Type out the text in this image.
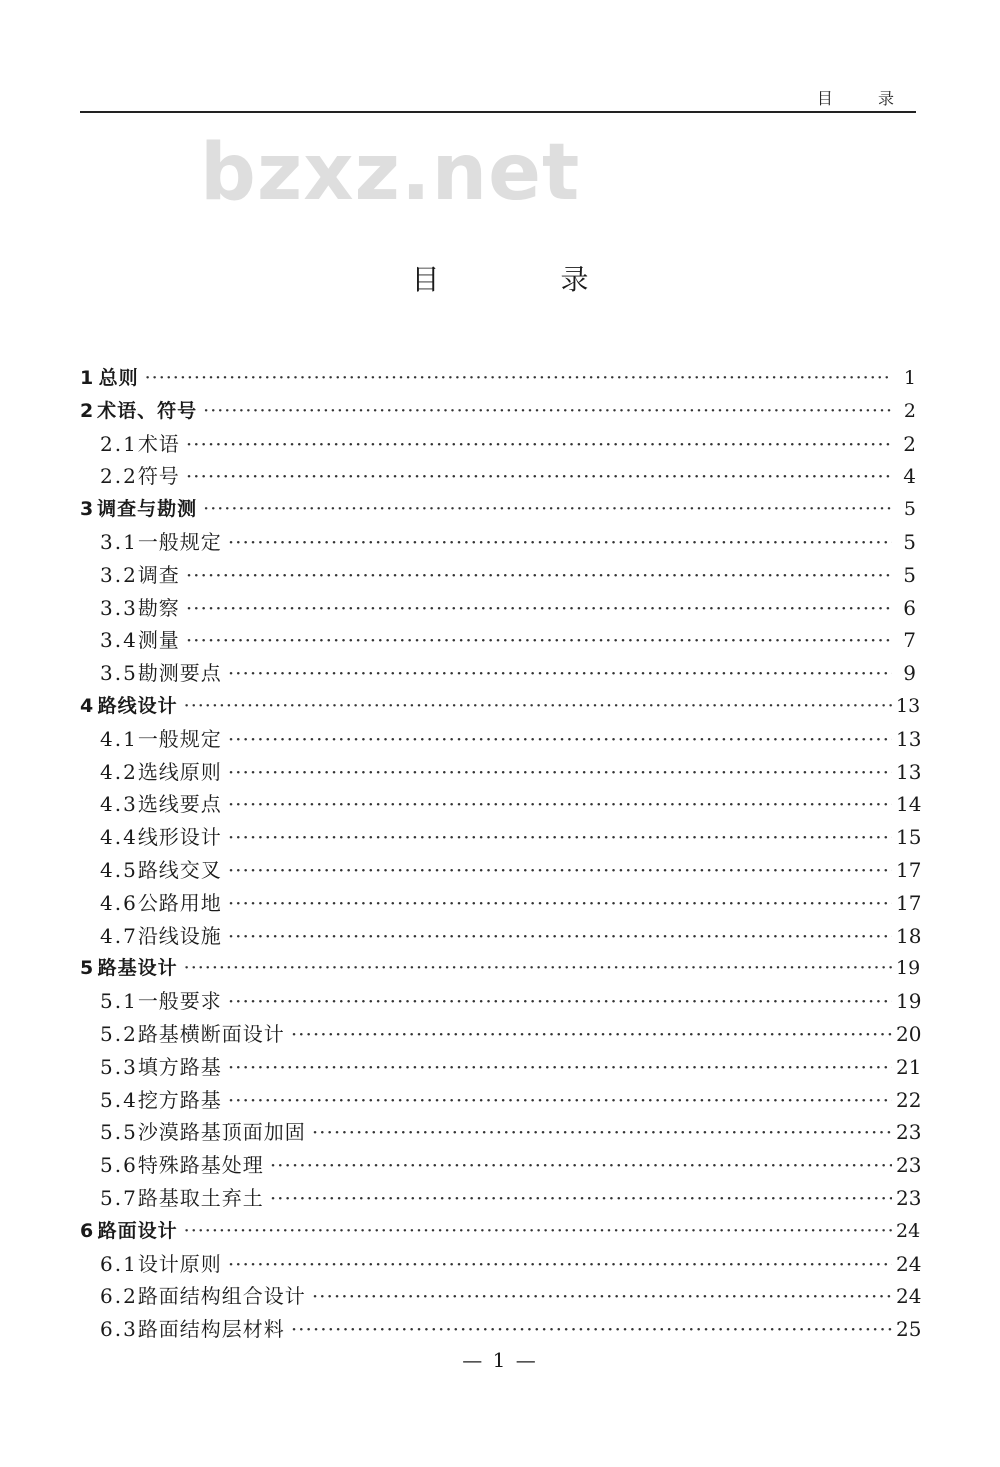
目 录
bzxz.net
目 录
1 总则 ·····	1
2 术语、符号 ·····	2
2.1 术语 ·····	2
2.2 符号 ·····	4
3 调查与勘测 ·····	5
3.1 一般规定 ·····	5
3.2 调查 ·····	5
3.3 勘察 ·····	6
3.4 测量 ·····	7
3.5 勘测要点 ·····	9
4 路线设计 ·····	13
4.1 一般规定 ·····	13
4.2 选线原则 ·····	13
4.3 选线要点 ·····	14
4.4 线形设计 ·····	15
4.5 路线交叉 ·····	17
4.6 公路用地 ·····	17
4.7 沿线设施 ·····	18
5 路基设计 ·····	19
5.1 一般要求 ·····	19
5.2 路基横断面设计 ·····	20
5.3 填方路基 ·····	21
5.4 挖方路基 ·····	22
5.5 沙漠路基顶面加固 ·····	23
5.6 特殊路基处理 ·····	23
5.7 路基取土弃土 ·····	23
6 路面设计 ·····	24
6.1 设计原则 ·····	24
6.2 路面结构组合设计 ·····	24
6.3 路面结构层材料 ·····	25
— 1 —
